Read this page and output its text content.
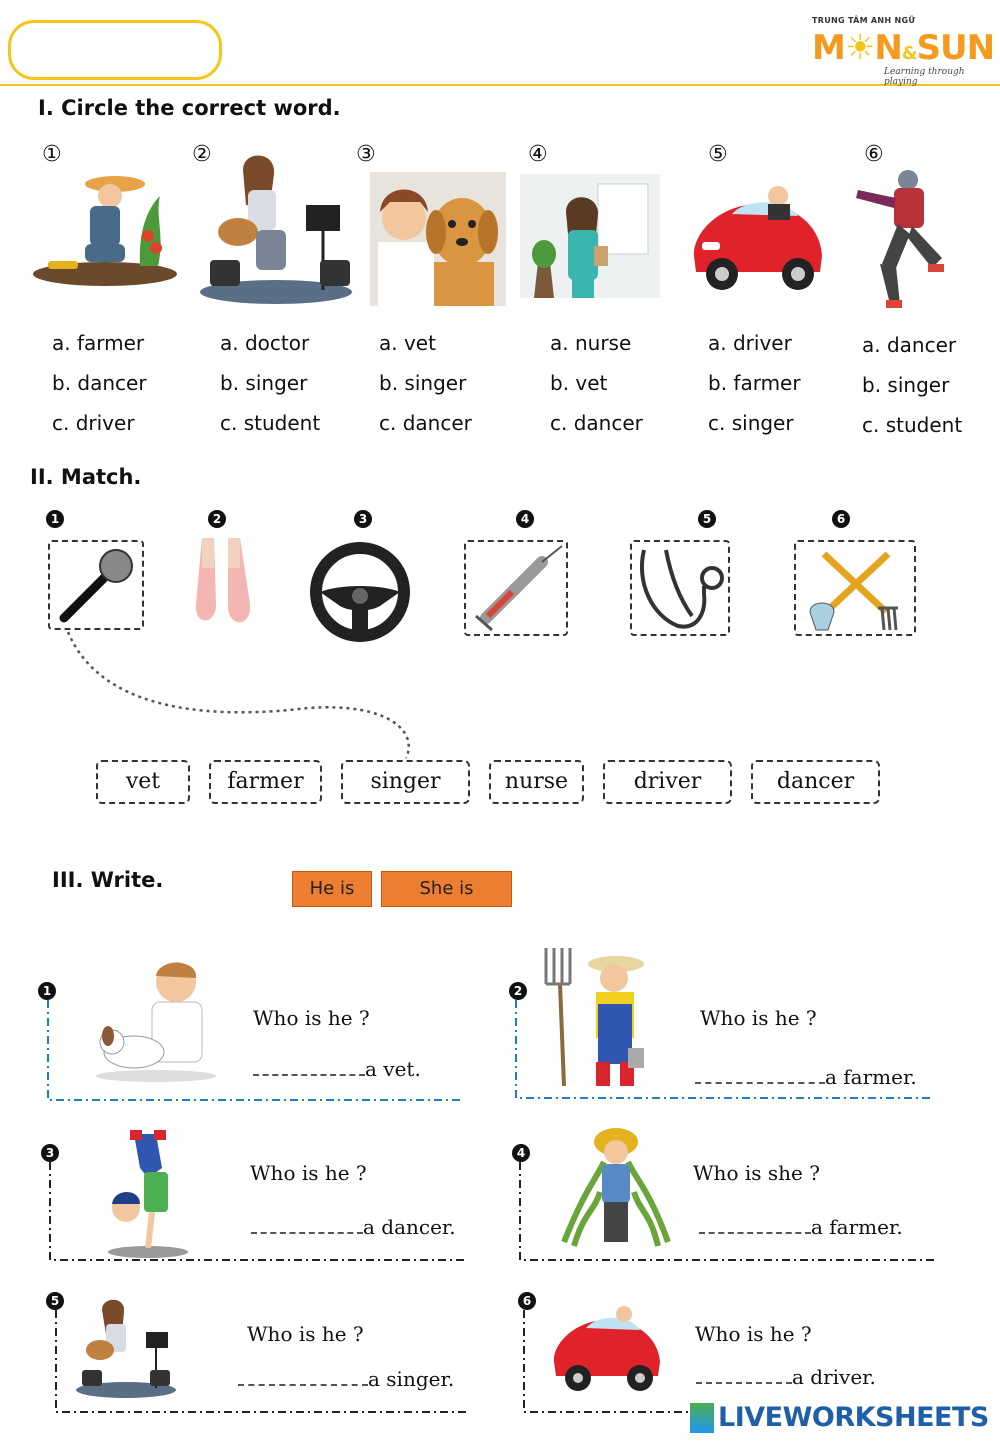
TRUNG TÂM ANH NGỮ
M☀N&SUN
Learning through playing
I. Circle the correct word.
①	②	③	④	⑤	⑥
a. farmer
b. dancer
c. driver
a. doctor
b. singer
c. student
a. vet
b. singer
c. dancer
a. nurse
b. vet
c. dancer
a. driver
b. farmer
c. singer
a. dancer
b. singer
c. student
II. Match.
1	2	3	4	5	6
vet	farmer	singer	nurse	driver	dancer
III. Write.	He is	She is
1
Who is he ?
a vet.
2
Who is he ?
a farmer.
3
Who is he ?
a dancer.
4
Who is she ?
a farmer.
5
Who is he ?
a singer.
6
Who is he ?
a driver.
LIVEWORKSHEETS
